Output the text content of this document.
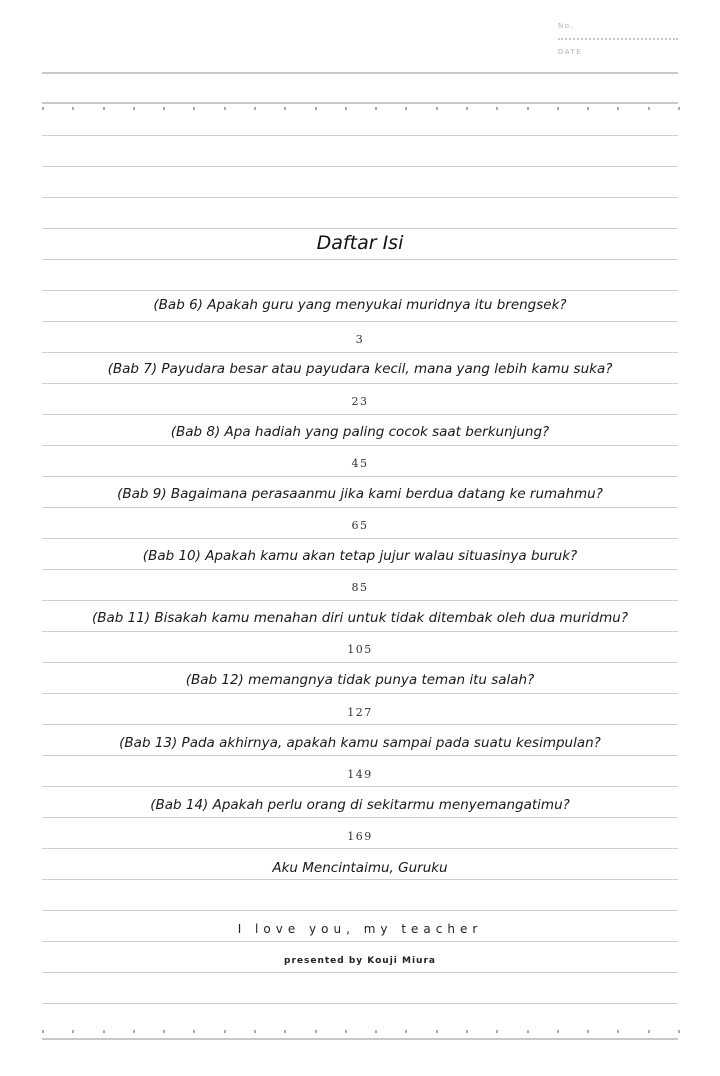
No.
DATE
Daftar Isi
(Bab 6) Apakah guru yang menyukai muridnya itu brengsek?
3
(Bab 7) Payudara besar atau payudara kecil, mana yang lebih kamu suka?
23
(Bab 8) Apa hadiah yang paling cocok saat berkunjung?
45
(Bab 9) Bagaimana perasaanmu jika kami berdua datang ke rumahmu?
65
(Bab 10) Apakah kamu akan tetap jujur walau situasinya buruk?
85
(Bab 11) Bisakah kamu menahan diri untuk tidak ditembak oleh dua muridmu?
105
(Bab 12) memangnya tidak punya teman itu salah?
127
(Bab 13) Pada akhirnya, apakah kamu sampai pada suatu kesimpulan?
149
(Bab 14) Apakah perlu orang di sekitarmu menyemangatimu?
169
Aku Mencintaimu, Guruku
I love you, my teacher
presented by Kouji Miura
